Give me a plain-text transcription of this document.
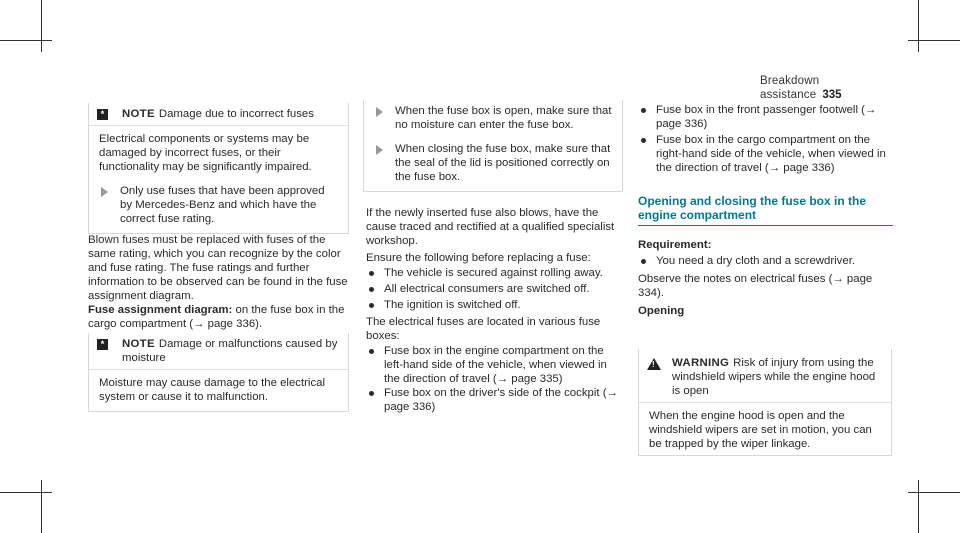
Breakdown assistance 335
*	NOTE Damage due to incorrect fuses

Electrical components or systems may be damaged by incorrect fuses, or their functionality may be significantly impaired.

Only use fuses that have been approved by Mercedes-Benz and which have the correct fuse rating.

Blown fuses must be replaced with fuses of the same rating, which you can recognize by the color and fuse rating. The fuse ratings and further information to be observed can be found in the fuse assignment diagram.

Fuse assignment diagram: on the fuse box in the cargo compartment (→ page 336).

*	NOTE Damage or malfunctions caused by moisture

Moisture may cause damage to the electrical system or cause it to malfunction.

When the fuse box is open, make sure that no moisture can enter the fuse box.

When closing the fuse box, make sure that the seal of the lid is positioned correctly on the fuse box.

If the newly inserted fuse also blows, have the cause traced and rectified at a qualified specialist workshop.

Ensure the following before replacing a fuse:

The vehicle is secured against rolling away.

All electrical consumers are switched off.

The ignition is switched off.

The electrical fuses are located in various fuse boxes:

Fuse box in the engine compartment on the left-hand side of the vehicle, when viewed in the direction of travel (→ page 335)

Fuse box on the driver's side of the cockpit (→ page 336)

Fuse box in the front passenger footwell (→ page 336)

Fuse box in the cargo compartment on the right-hand side of the vehicle, when viewed in the direction of travel (→ page 336)

Opening and closing the fuse box in the engine compartment

Requirement:

You need a dry cloth and a screwdriver.

Observe the notes on electrical fuses (→ page 334).

Opening

! WARNING Risk of injury from using the windshield wipers while the engine hood is open

When the engine hood is open and the windshield wipers are set in motion, you can be trapped by the wiper linkage.
